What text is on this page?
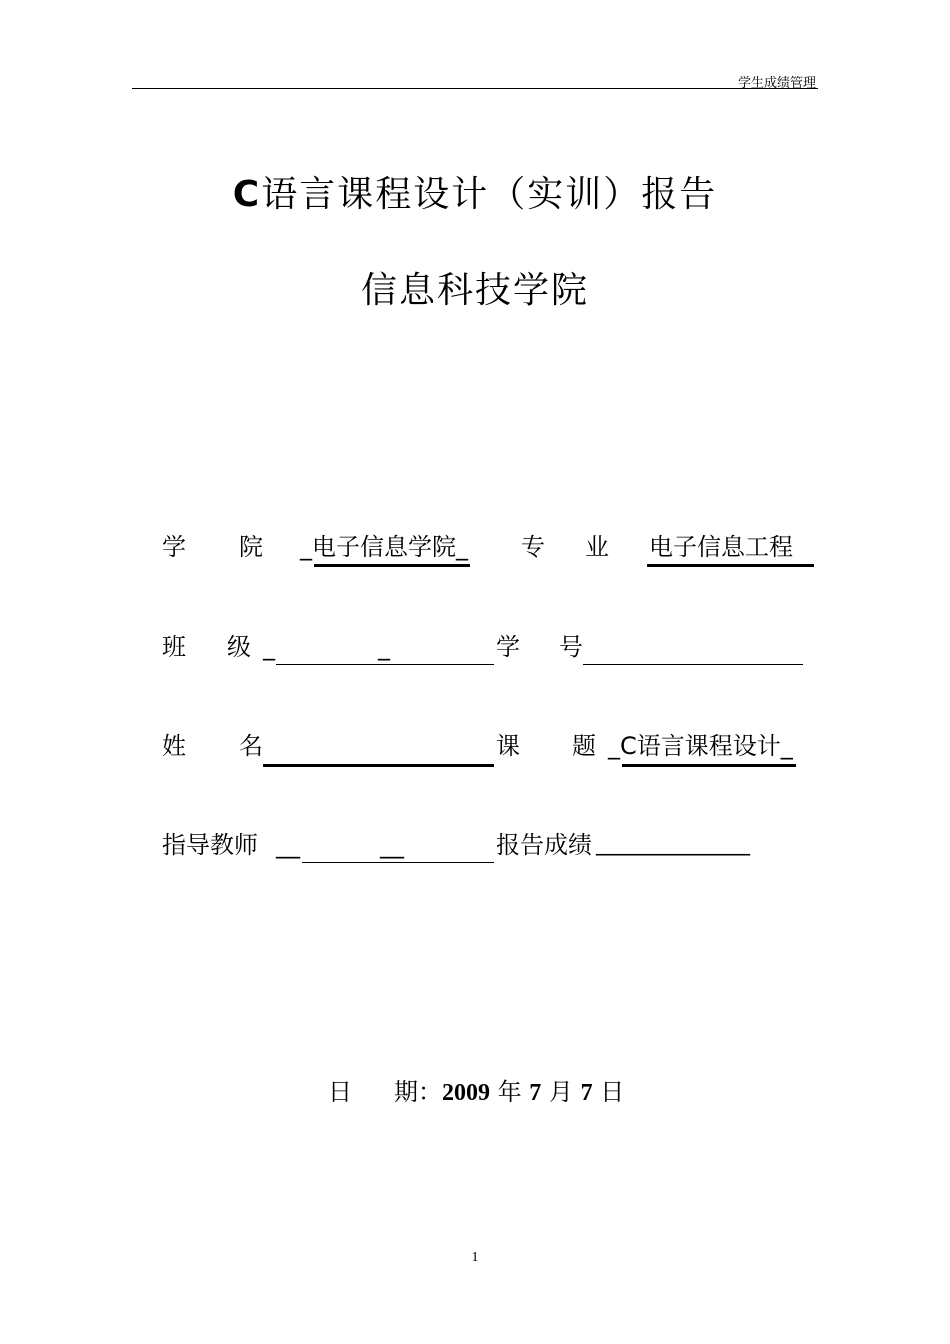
学生成绩管理
C语言课程设计（实训）报告
信息科技学院
学 院 _电子信息学院_ 专 业 电子信息工程
班 级 _	_	学 号
姓 名	课 题 _C语言课程设计_
指导教师 __	__	报告成绩 ______________
日 期：2009 年 7 月 7 日
1
